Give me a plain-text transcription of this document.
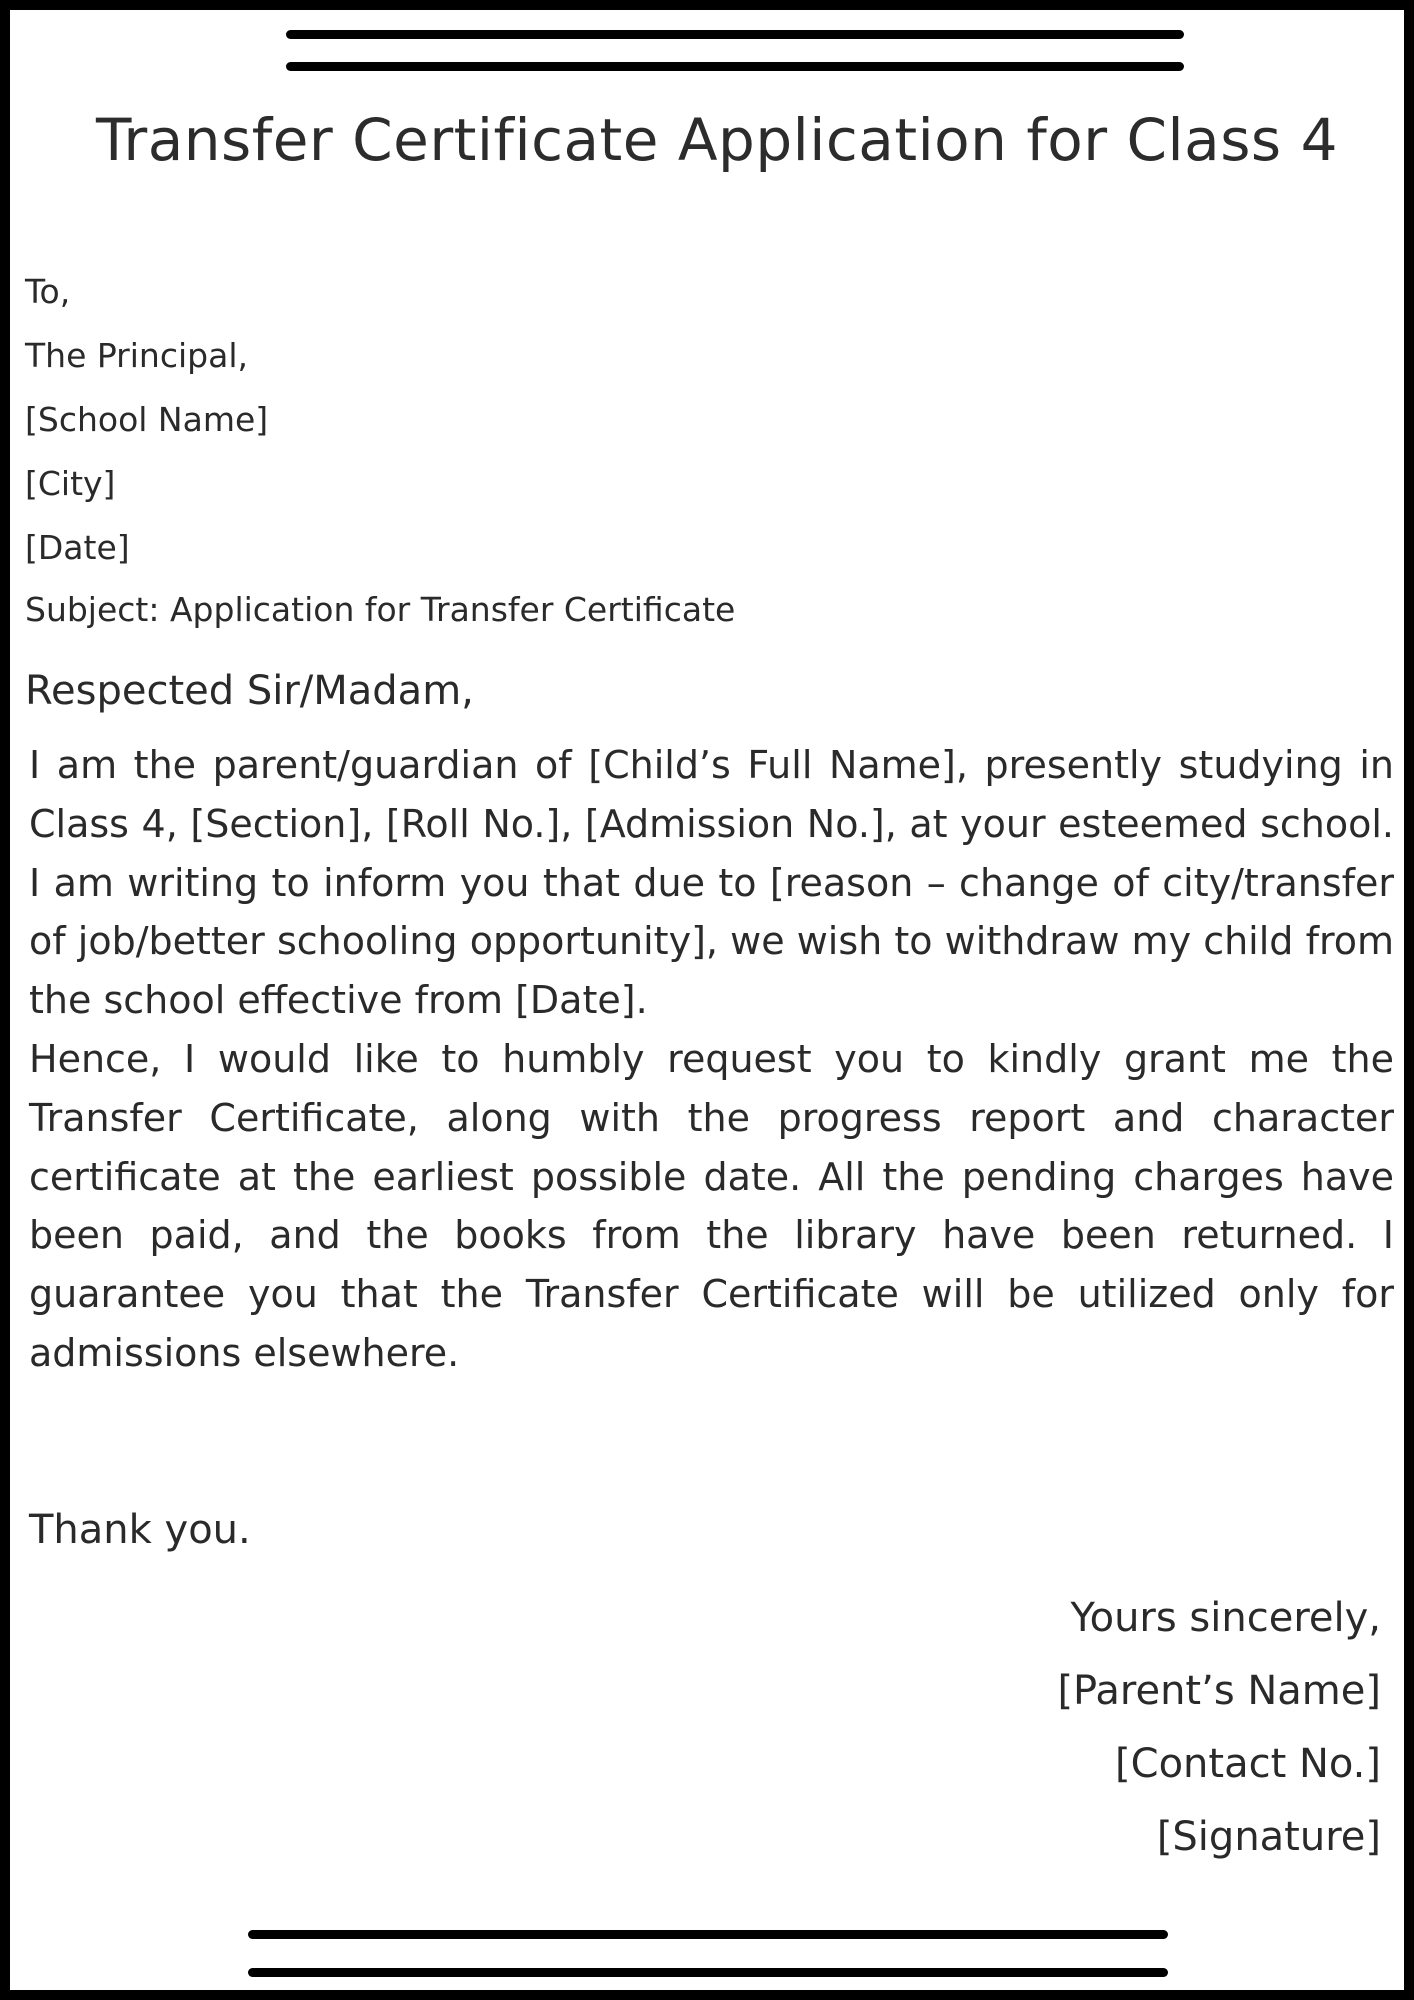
Transfer Certificate Application for Class 4
To,
The Principal,
[School Name]
[City]
[Date]
Subject: Application for Transfer Certificate
Respected Sir/Madam,

I am the parent/guardian of [Child’s Full Name], presently studying in Class 4, [Section], [Roll No.], [Admission No.], at your esteemed school. I am writing to inform you that due to [reason – change of city/transfer of job/better schooling opportunity], we wish to withdraw my child from the school effective from [Date].

Hence, I would like to humbly request you to kindly grant me the Transfer Certificate, along with the progress report and character certificate at the earliest possible date. All the pending charges have been paid, and the books from the library have been returned. I guarantee you that the Transfer Certificate will be utilized only for admissions elsewhere.

Thank you.
Yours sincerely,
[Parent’s Name]
[Contact No.]
[Signature]
